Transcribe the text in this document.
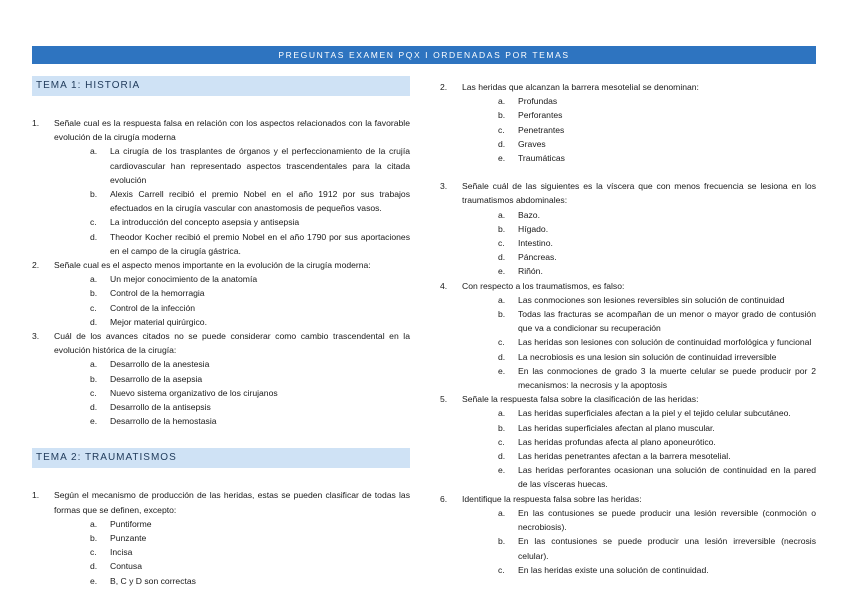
PREGUNTAS EXAMEN PQX I ORDENADAS POR TEMAS
TEMA 1: HISTORIA
1.	Señale cual es la respuesta falsa en relación con los aspectos relacionados con la favorable evolución de la cirugía moderna
a.	La cirugía de los trasplantes de órganos y el perfeccionamiento de la crujía cardiovascular han representado aspectos trascendentales para la citada evolución
b.	Alexis Carrell recibió el premio Nobel en el año 1912 por sus trabajos efectuados en la cirugía vascular con anastomosis de pequeños vasos.
c.	La introducción del concepto asepsia y antisepsia
d.	Theodor Kocher recibió el premio Nobel en el año 1790 por sus aportaciones en el campo de la cirugía gástrica.
2.	Señale cual es el aspecto menos importante en la evolución de la cirugía moderna:
a.	Un mejor conocimiento de la anatomía
b.	Control de la hemorragia
c.	Control de la infección
d.	Mejor material quirúrgico.
3.	Cuál de los avances citados no se puede considerar como cambio trascendental en la evolución histórica de la cirugía:
a.	Desarrollo de la anestesia
b.	Desarrollo de la asepsia
c.	Nuevo sistema organizativo de los cirujanos
d.	Desarrollo de la antisepsis
e.	Desarrollo de la hemostasia
TEMA 2: TRAUMATISMOS
1.	Según el mecanismo de producción de las heridas, estas se pueden clasificar de todas las formas que se definen, excepto:
a.	Puntiforme
b.	Punzante
c.	Incisa
d.	Contusa
e.	B, C y D son correctas
2.	Las heridas que alcanzan la barrera mesotelial se denominan:
a.	Profundas
b.	Perforantes
c.	Penetrantes
d.	Graves
e.	Traumáticas
3.	Señale cuál de las siguientes es la víscera que con menos frecuencia se lesiona en los traumatismos abdominales:
a.	Bazo.
b.	Hígado.
c.	Intestino.
d.	Páncreas.
e.	Riñón.
4.	Con respecto a los traumatismos, es falso:
a.	Las conmociones son lesiones reversibles sin solución de continuidad
b.	Todas las fracturas se acompañan de un menor o mayor grado de contusión que va a condicionar su recuperación
c.	Las heridas son lesiones con solución de continuidad morfológica y funcional
d.	La necrobiosis es una lesion sin solución de continuidad irreversible
e.	En las conmociones de grado 3 la muerte celular se puede producir por 2 mecanismos: la necrosis y la apoptosis
5.	Señale la respuesta falsa sobre la clasificación de las heridas:
a.	Las heridas superficiales afectan a la piel y el tejido celular subcutáneo.
b.	Las heridas superficiales afectan al plano muscular.
c.	Las heridas profundas afecta al plano aponeurótico.
d.	Las heridas penetrantes afectan a la barrera mesotelial.
e.	Las heridas perforantes ocasionan una solución de continuidad en la pared de las vísceras huecas.
6.	Identifique la respuesta falsa sobre las heridas:
a.	En las contusiones se puede producir una lesión reversible (conmoción o necrobiosis).
b.	En las contusiones se puede producir una lesión irreversible (necrosis celular).
c.	En las heridas existe una solución de continuidad.
